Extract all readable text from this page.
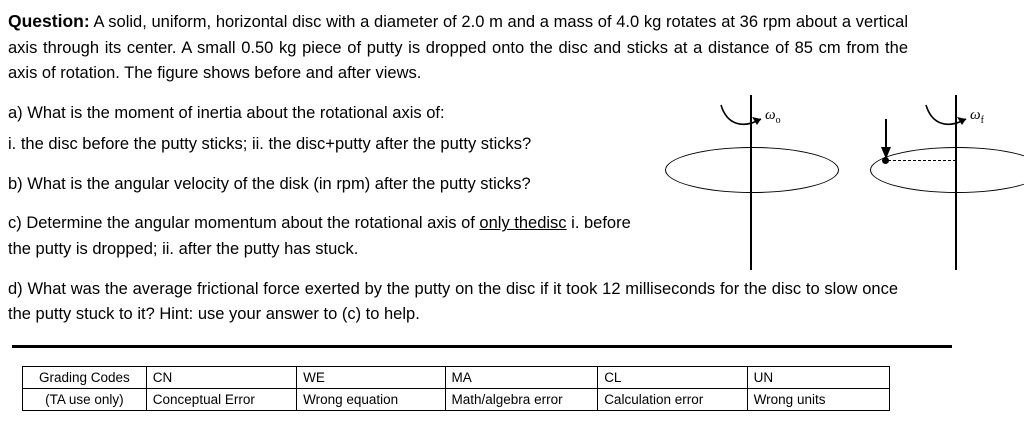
Question: A solid, uniform, horizontal disc with a diameter of 2.0 m and a mass of 4.0 kg rotates at 36 rpm about a vertical axis through its center. A small 0.50 kg piece of putty is dropped onto the disc and sticks at a distance of 85 cm from the axis of rotation. The figure shows before and after views.

a) What is the moment of inertia about the rotational axis of:

i. the disc before the putty sticks; ii. the disc+putty after the putty sticks?

b) What is the angular velocity of the disk (in rpm) after the putty sticks?

c) Determine the angular momentum about the rotational axis of only thedisc i. before the putty is dropped; ii. after the putty has stuck.

d) What was the average frictional force exerted by the putty on the disc if it took 12 milliseconds for the disc to slow once the putty stuck to it? Hint: use your answer to (c) to help.

$\omega_o$	$\omega_f$
Grading Codes	CN	WE	MA	CL	UN
(TA use only)	Conceptual Error	Wrong equation	Math/algebra error	Calculation error	Wrong units
